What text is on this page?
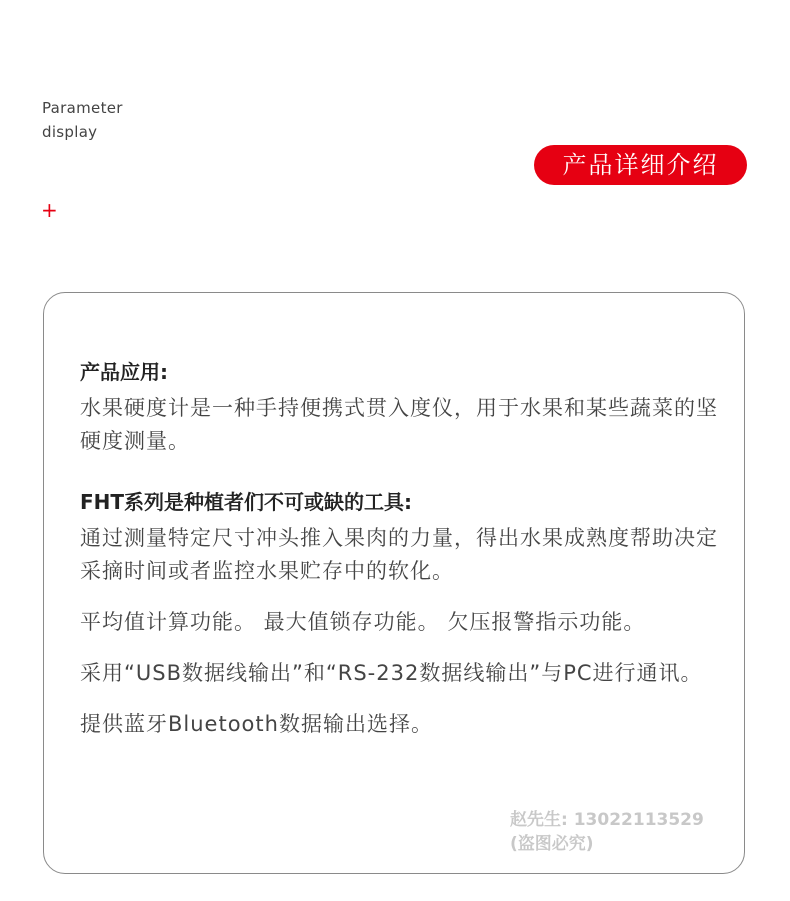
Parameter
display
产品详细介绍
+

产品应用:

水果硬度计是一种手持便携式贯入度仪，用于水果和某些蔬菜的坚硬度测量。

FHT系列是种植者们不可或缺的工具:

通过测量特定尺寸冲头推入果肉的力量，得出水果成熟度帮助决定采摘时间或者监控水果贮存中的软化。

平均值计算功能。 最大值锁存功能。 欠压报警指示功能。

采用“USB数据线输出”和“RS-232数据线输出”与PC进行通讯。

提供蓝牙Bluetooth数据输出选择。

赵先生: 13022113529
(盗图必究)
